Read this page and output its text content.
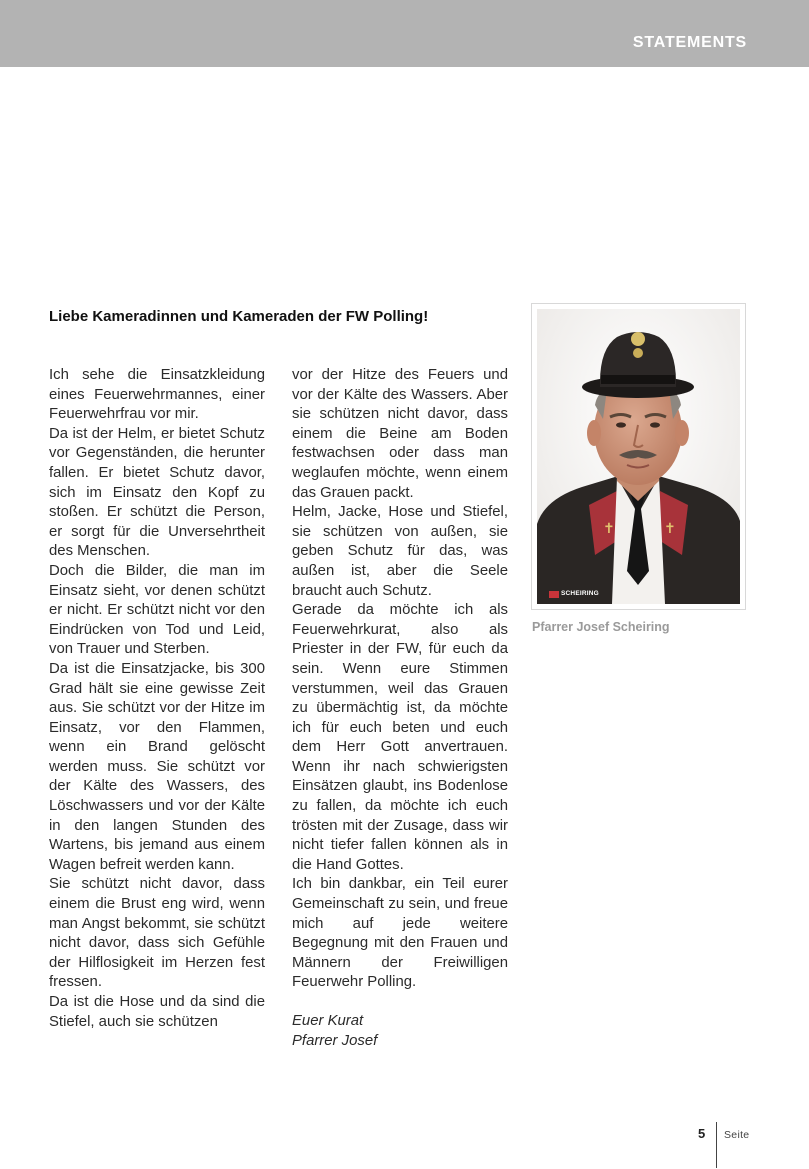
STATEMENTS
Liebe Kameradinnen und Kameraden der FW Polling!

Ich sehe die Einsatzkleidung eines Feuerwehrmannes, einer Feuerwehrfrau vor mir.

Da ist der Helm, er bietet Schutz vor Gegenständen, die herunter fallen. Er bietet Schutz davor, sich im Einsatz den Kopf zu stoßen. Er schützt die Person, er sorgt für die Unversehrtheit des Menschen.

Doch die Bilder, die man im Einsatz sieht, vor denen schützt er nicht. Er schützt nicht vor den Eindrücken von Tod und Leid, von Trauer und Sterben.

Da ist die Einsatzjacke, bis 300 Grad hält sie eine gewisse Zeit aus. Sie schützt vor der Hitze im Einsatz, vor den Flammen, wenn ein Brand gelöscht werden muss. Sie schützt vor der Kälte des Wassers, des Löschwassers und vor der Kälte in den langen Stunden des Wartens, bis jemand aus einem Wagen befreit werden kann.

Sie schützt nicht davor, dass einem die Brust eng wird, wenn man Angst bekommt, sie schützt nicht davor, dass sich Gefühle der Hilflosigkeit im Herzen fest fressen.

Da ist die Hose und da sind die Stiefel, auch sie schützen

vor der Hitze des Feuers und vor der Kälte des Wassers. Aber sie schützen nicht davor, dass einem die Beine am Boden festwachsen oder dass man weglaufen möchte, wenn einem das Grauen packt.

Helm, Jacke, Hose und Stiefel, sie schützen von außen, sie geben Schutz für das, was außen ist, aber die Seele braucht auch Schutz.

Gerade da möchte ich als Feuerwehrkurat, also als Priester in der FW, für euch da sein. Wenn eure Stimmen verstummen, weil das Grauen zu übermächtig ist, da möchte ich für euch beten und euch dem Herr Gott anvertrauen. Wenn ihr nach schwierigsten Einsätzen glaubt, ins Bodenlose zu fallen, da möchte ich euch trösten mit der Zusage, dass wir nicht tiefer fallen können als in die Hand Gottes.

Ich bin dankbar, ein Teil eurer Gemeinschaft zu sein, und freue mich auf jede weitere Begegnung mit den Frauen und Männern der Freiwilligen Feuerwehr Polling.

Euer Kurat
Pfarrer Josef
✝	✝
SCHEIRING
Pfarrer Josef Scheiring
5 Seite
